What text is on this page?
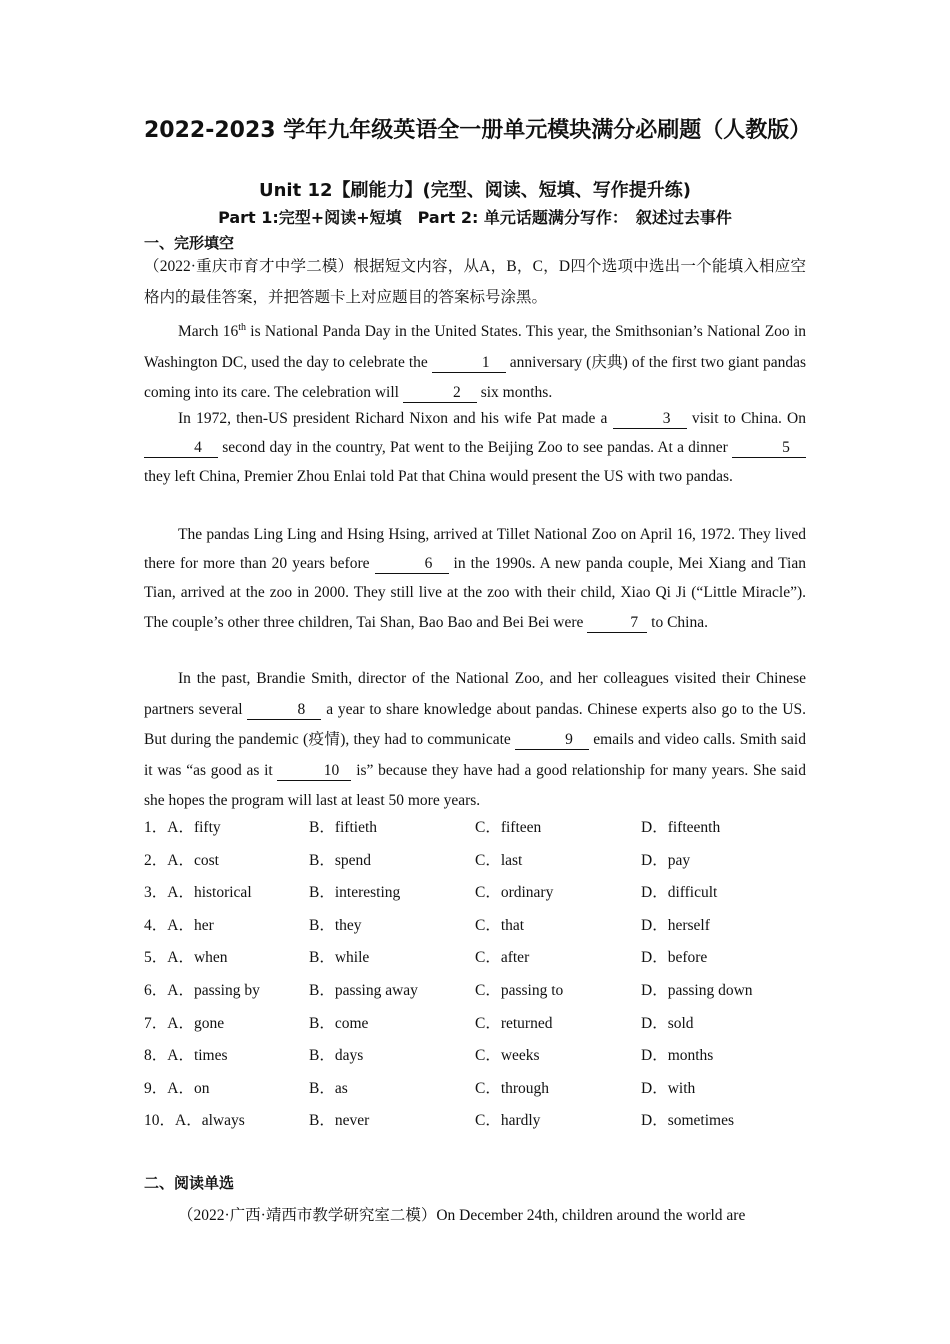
2022-2023 学年九年级英语全一册单元模块满分必刷题（人教版）
Unit 12【刷能力】(完型、阅读、短填、写作提升练)
Part 1:完型+阅读+短填　Part 2: 单元话题满分写作：　叙述过去事件
一、完形填空

（2022·重庆市育才中学二模）根据短文内容，从A，B，C，D四个选项中选出一个能填入相应空格内的最佳答案，并把答题卡上对应题目的答案标号涂黑。

March 16th is National Panda Day in the United States. This year, the Smithsonian’s National Zoo in Washington DC, used the day to celebrate the	1 anniversary (庆典) of the first two giant pandas coming into its care. The celebration will	2 six months.

In 1972, then-US president Richard Nixon and his wife Pat made a	3 visit to China. On 4 second day in the country, Pat went to the Beijing Zoo to see pandas. At a dinner	5 they left China, Premier Zhou Enlai told Pat that China would present the US with two pandas.

The pandas Ling Ling and Hsing Hsing, arrived at Tillet National Zoo on April 16, 1972. They lived there for more than 20 years before	6 in the 1990s. A new panda couple, Mei Xiang and Tian Tian, arrived at the zoo in 2000. They still live at the zoo with their child, Xiao Qi Ji (“Little Miracle”). The couple’s other three children, Tai Shan, Bao Bao and Bei Bei were	7 to China.

In the past, Brandie Smith, director of the National Zoo, and her colleagues visited their Chinese partners several	8 a year to share knowledge about pandas. Chinese experts also go to the US. But during the pandemic (疫情), they had to communicate	9 emails and video calls. Smith said it was “as good as it	10 is” because they have had a good relationship for many years. She said she hopes the program will last at least 50 more years.

1．A．fifty	B．fiftieth	C．fifteen	D．fifteenth
2．A．cost	B．spend	C．last	D．pay
3．A．historical	B．interesting	C．ordinary	D．difficult
4．A．her	B．they	C．that	D．herself
5．A．when	B．while	C．after	D．before
6．A．passing by	B．passing away	C．passing to	D．passing down
7．A．gone	B．come	C．returned	D．sold
8．A．times	B．days	C．weeks	D．months
9．A．on	B．as	C．through	D．with
10．A．always	B．never	C．hardly	D．sometimes
二、阅读单选

（2022·广西·靖西市教学研究室二模）On December 24th, children around the world are
